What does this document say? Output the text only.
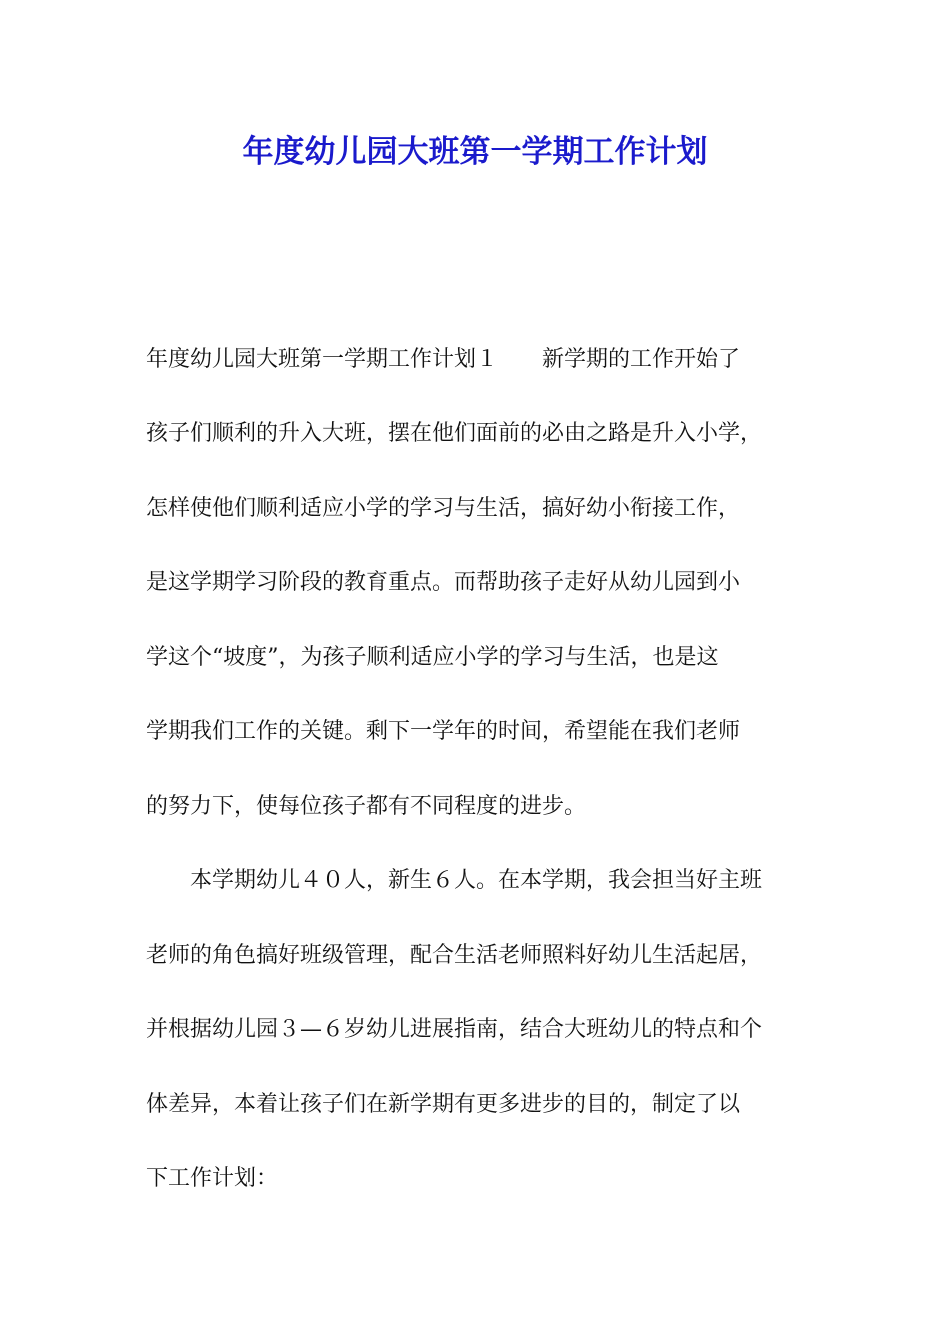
年度幼儿园大班第一学期工作计划

年度幼儿园大班第一学期工作计划１　　新学期的工作开始了

孩子们顺利的升入大班，摆在他们面前的必由之路是升入小学，

怎样使他们顺利适应小学的学习与生活，搞好幼小衔接工作，

是这学期学习阶段的教育重点。而帮助孩子走好从幼儿园到小

学这个“坡度”，为孩子顺利适应小学的学习与生活，也是这

学期我们工作的关键。剩下一学年的时间，希望能在我们老师

的努力下，使每位孩子都有不同程度的进步。

　　本学期幼儿４０人，新生６人。在本学期，我会担当好主班

老师的角色搞好班级管理，配合生活老师照料好幼儿生活起居，

并根据幼儿园３—６岁幼儿进展指南，结合大班幼儿的特点和个

体差异，本着让孩子们在新学期有更多进步的目的，制定了以

下工作计划：
